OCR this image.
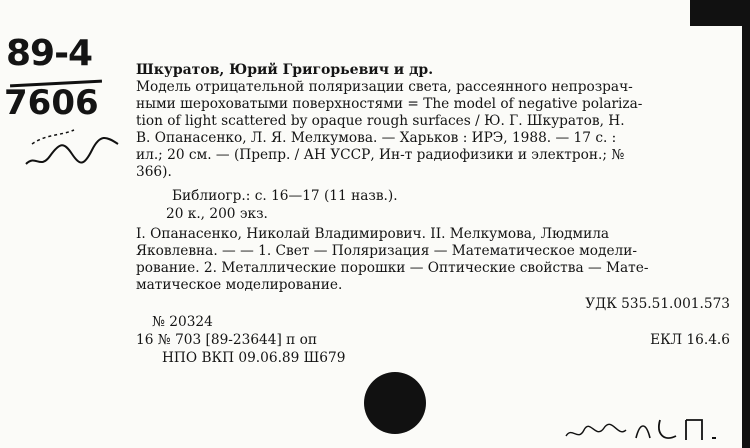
89-4
7606
Шкуратов, Юрий Григорьевич и др.
Модель отрицательной поляризации света, рассеянного непрозрач-
ными шероховатыми поверхностями = The model of negative polariza-
tion of light scattered by opaque rough surfaces / Ю. Г. Шкуратов, Н.
В. Опанасенко, Л. Я. Мелкумова. — Харьков : ИРЭ, 1988. — 17 с. :
ил.; 20 см. — (Препр. / АН УССР, Ин-т радиофизики и электрон.; №
366).
Библиогр.: с. 16—17 (11 назв.).
20 к., 200 экз.
I. Опанасенко, Николай Владимирович. II. Мелкумова, Людмила
Яковлевна. — — 1. Свет — Поляризация — Математическое модели-
рование. 2. Металлические порошки — Оптические свойства — Мате-
матическое моделирование.
УДК 535.51.001.573
№ 20324
16 № 703 [89-23644] п оп	ЕКЛ 16.4.6
НПО ВКП 09.06.89 Ш679
